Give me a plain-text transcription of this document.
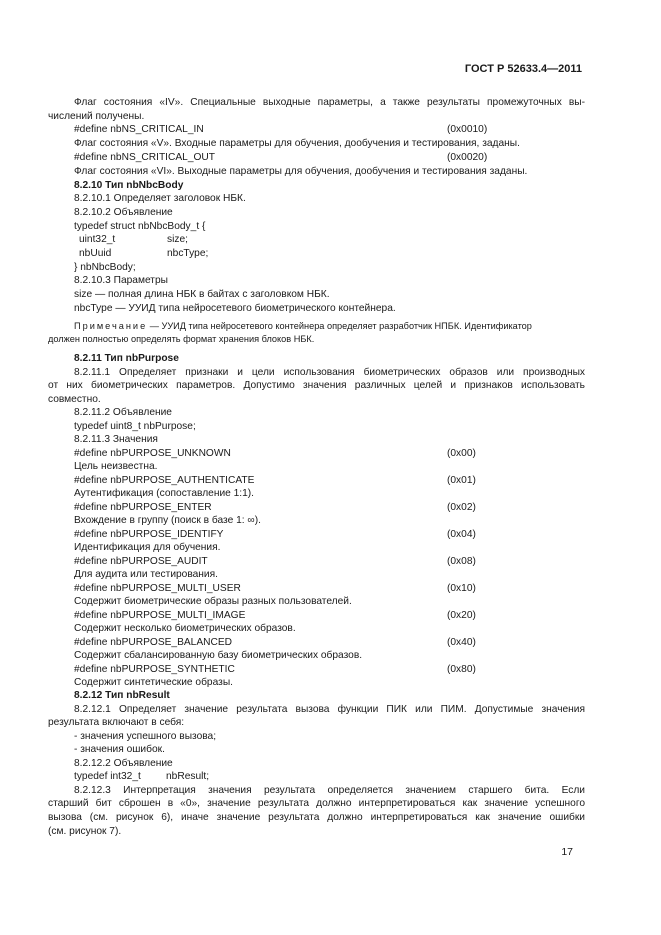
ГОСТ Р 52633.4—2011
Флаг состояния «IV». Специальные выходные параметры, а также результаты промежуточных вы-
числений получены.
#define nbNS_CRITICAL_IN	(0x0010)
Флаг состояния «V». Входные параметры для обучения, дообучения и тестирования, заданы.
#define nbNS_CRITICAL_OUT	(0x0020)
Флаг состояния «VI». Выходные параметры для обучения, дообучения и тестирования заданы.
8.2.10 Тип nbNbcBody
8.2.10.1 Определяет заголовок НБК.
8.2.10.2 Объявление
typedef struct nbNbcBody_t {
uint32_t	size;
nbUuid	nbcType;
} nbNbcBody;
8.2.10.3 Параметры
size — полная длина НБК в байтах с заголовком НБК.
nbcType — УУИД типа нейросетевого биометрического контейнера.
Примечание — УУИД типа нейросетевого контейнера определяет разработчик НПБК. Идентификатор
должен полностью определять формат хранения блоков НБК.
8.2.11 Тип nbPurpose
8.2.11.1 Определяет признаки и цели использования биометрических образов или производных
от них биометрических параметров. Допустимо значения различных целей и признаков использовать
совместно.
8.2.11.2 Объявление
typedef uint8_t nbPurpose;
8.2.11.3 Значения
#define nbPURPOSE_UNKNOWN	(0x00)
Цель неизвестна.
#define nbPURPOSE_AUTHENTICATE	(0x01)
Аутентификация (сопоставление 1:1).
#define nbPURPOSE_ENTER	(0x02)
Вхождение в группу (поиск в базе 1: ∞).
#define nbPURPOSE_IDENTIFY	(0x04)
Идентификация для обучения.
#define nbPURPOSE_AUDIT	(0x08)
Для аудита или тестирования.
#define nbPURPOSE_MULTI_USER	(0x10)
Содержит биометрические образы разных пользователей.
#define nbPURPOSE_MULTI_IMAGE	(0x20)
Содержит несколько биометрических образов.
#define nbPURPOSE_BALANCED	(0x40)
Содержит сбалансированную базу биометрических образов.
#define nbPURPOSE_SYNTHETIC	(0x80)
Содержит синтетические образы.
8.2.12 Тип nbResult
8.2.12.1 Определяет значение результата вызова функции ПИК или ПИМ. Допустимые значения
результата включают в себя:
- значения успешного вызова;
- значения ошибок.
8.2.12.2 Объявление
typedef int32_t nbResult;
8.2.12.3 Интерпретация значения результата определяется значением старшего бита. Если
старший бит сброшен в «0», значение результата должно интерпретироваться как значение успешного
вызова (см. рисунок 6), иначе значение результата должно интерпретироваться как значение ошибки
(см. рисунок 7).
17
